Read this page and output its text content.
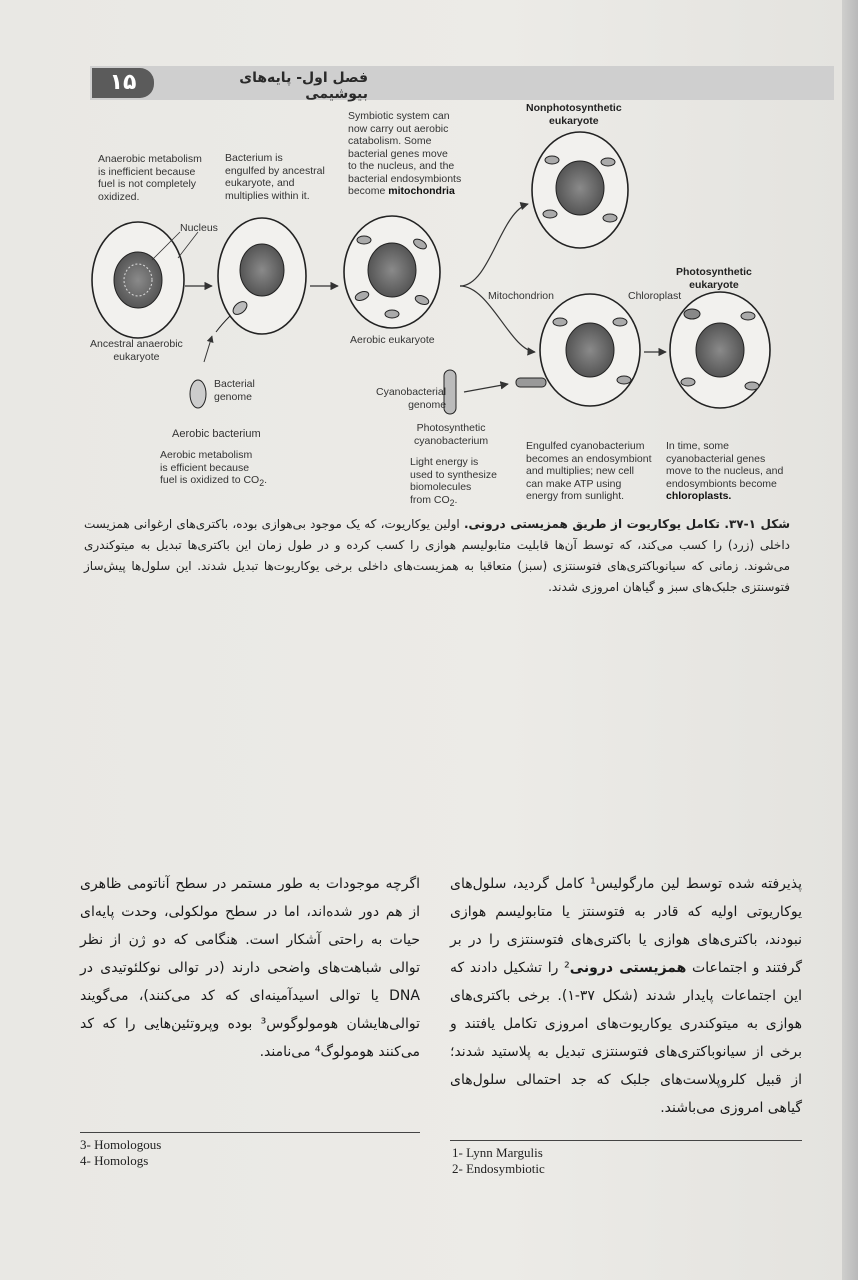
۱۵	فصل اول- پایه‌های بیوشیمی
Anaerobic metabolism
is inefficient because
fuel is not completely
oxidized.
Bacterium is
engulfed by ancestral
eukaryote, and
multiplies within it.
Symbiotic system can
now carry out aerobic
catabolism. Some
bacterial genes move
to the nucleus, and the
bacterial endosymbionts
become mitochondria
Nonphotosynthetic
eukaryote
Nucleus
Photosynthetic
eukaryote
Chloroplast
Mitochondrion
Ancestral anaerobic
eukaryote
Aerobic eukaryote
Bacterial
genome	Cyanobacterial
genome
Aerobic bacterium	Photosynthetic
cyanobacterium
Aerobic metabolism
is efficient because
fuel is oxidized to $CO_2$.
Light energy is
used to synthesize
biomolecules
from $CO_2$.
Engulfed cyanobacterium
becomes an endosymbiont
and multiplies; new cell
can make ATP using
energy from sunlight.
In time, some
cyanobacterial genes
move to the nucleus, and
endosymbionts become
chloroplasts.
شکل ۱-۳۷. تکامل یوکاریوت از طریق همزیستی درونی. اولین یوکاریوت، که یک موجود بی‌هوازی بوده، باکتری‌های ارغوانی همزیست داخلی (زرد) را کسب می‌کند، که توسط آن‌ها قابلیت متابولیسم هوازی را کسب کرده و در طول زمان این باکتری‌ها تبدیل به میتوکندری می‌شوند. زمانی که سیانوباکتری‌های فتوسنتزی (سبز) متعاقبا به همزیست‌های داخلی برخی یوکاریوت‌ها تبدیل شدند. این سلول‌ها پیش‌ساز فتوسنتزی جلبک‌های سبز و گیاهان امروزی شدند.
پذیرفته شده توسط لین مارگولیس¹ کامل گردید، سلول‌های یوکاریوتی اولیه که قادر به فتوسنتز یا متابولیسم هوازی نبودند، باکتری‌های هوازی یا باکتری‌های فتوسنتزی را در بر گرفتند و اجتماعات همزیستی درونی² را تشکیل دادند که این اجتماعات پایدار شدند (شکل ۳۷-۱). برخی باکتری‌های هوازی به میتوکندری یوکاریوت‌های امروزی تکامل یافتند و برخی از سیانوباکتری‌های فتوسنتزی تبدیل به پلاستید شدند؛ از قبیل کلروپلاست‌های جلبک که جد احتمالی سلول‌های گیاهی امروزی می‌باشند.
اگرچه موجودات به طور مستمر در سطح آناتومی ظاهری از هم دور شده‌اند، اما در سطح مولکولی، وحدت پایه‌ای حیات به راحتی آشکار است. هنگامی که دو ژن از نظر توالی شباهت‌های واضحی دارند (در توالی نوکلئوتیدی در DNA یا توالی اسیدآمینه‌ای که کد می‌کنند)، می‌گویند توالی‌هایشان هومولوگوس³ بوده وپروتئین‌هایی را که کد می‌کنند هومولوگ⁴ می‌نامند.
3- Homologous
4- Homologs
1- Lynn Margulis
2- Endosymbiotic
